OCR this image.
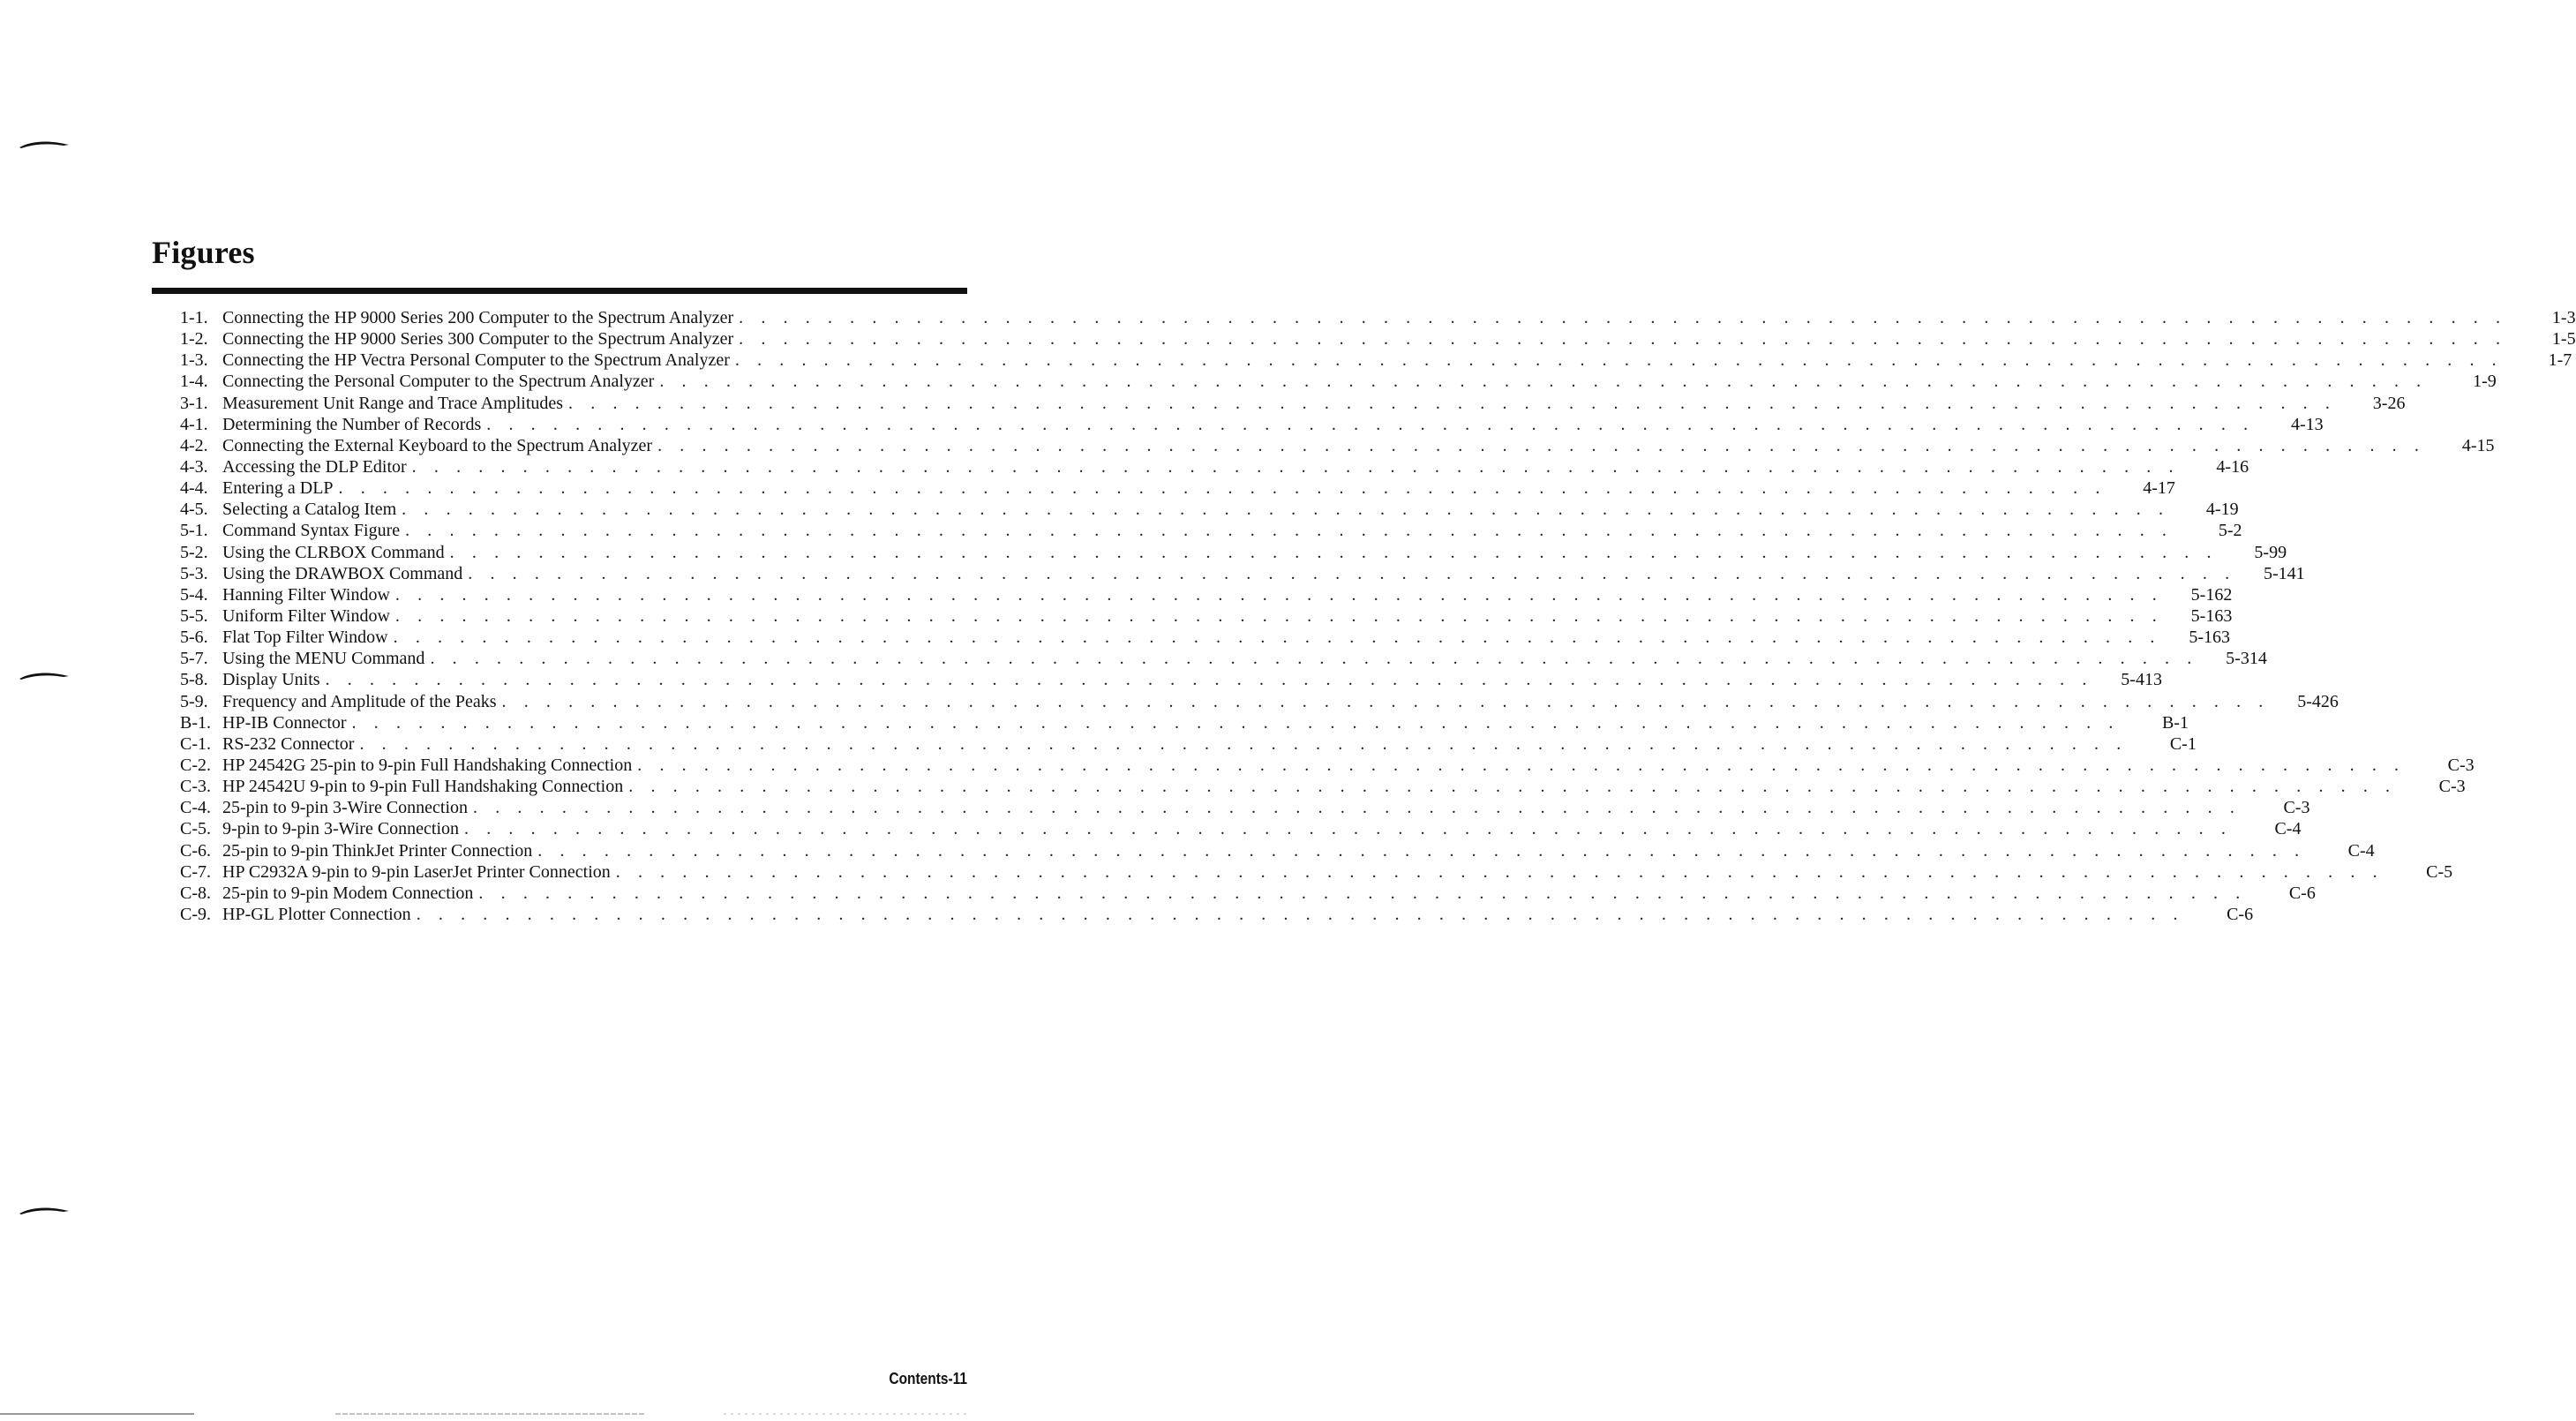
Figures
1-1. Connecting the HP 9000 Series 200 Computer to the Spectrum Analyzer . . . . . . . . . . . . . . . . . . . . . . . . . . . . . . . . . . . . . . . . . . . . . . . . . . . . . . . . . . . . . . . . . . . . . . . . . . . . . . . .	1-3
1-2. Connecting the HP 9000 Series 300 Computer to the Spectrum Analyzer . . . . . . . . . . . . . . . . . . . . . . . . . . . . . . . . . . . . . . . . . . . . . . . . . . . . . . . . . . . . . . . . . . . . . . . . . . . . . . . .	1-5
1-3. Connecting the HP Vectra Personal Computer to the Spectrum Analyzer . . . . . . . . . . . . . . . . . . . . . . . . . . . . . . . . . . . . . . . . . . . . . . . . . . . . . . . . . . . . . . . . . . . . . . . . . . . . . . . .	1-7
1-4. Connecting the Personal Computer to the Spectrum Analyzer . . . . . . . . . . . . . . . . . . . . . . . . . . . . . . . . . . . . . . . . . . . . . . . . . . . . . . . . . . . . . . . . . . . . . . . . . . . . . . . .	1-9
3-1. Measurement Unit Range and Trace Amplitudes . . . . . . . . . . . . . . . . . . . . . . . . . . . . . . . . . . . . . . . . . . . . . . . . . . . . . . . . . . . . . . . . . . . . . . . . . . . . . . . .	3-26
4-1. Determining the Number of Records . . . . . . . . . . . . . . . . . . . . . . . . . . . . . . . . . . . . . . . . . . . . . . . . . . . . . . . . . . . . . . . . . . . . . . . . . . . . . . . .	4-13
4-2. Connecting the External Keyboard to the Spectrum Analyzer . . . . . . . . . . . . . . . . . . . . . . . . . . . . . . . . . . . . . . . . . . . . . . . . . . . . . . . . . . . . . . . . . . . . . . . . . . . . . . . .	4-15
4-3. Accessing the DLP Editor . . . . . . . . . . . . . . . . . . . . . . . . . . . . . . . . . . . . . . . . . . . . . . . . . . . . . . . . . . . . . . . . . . . . . . . . . . . . . . . .	4-16
4-4. Entering a DLP . . . . . . . . . . . . . . . . . . . . . . . . . . . . . . . . . . . . . . . . . . . . . . . . . . . . . . . . . . . . . . . . . . . . . . . . . . . . . . . .	4-17
4-5. Selecting a Catalog Item . . . . . . . . . . . . . . . . . . . . . . . . . . . . . . . . . . . . . . . . . . . . . . . . . . . . . . . . . . . . . . . . . . . . . . . . . . . . . . . .	4-19
5-1. Command Syntax Figure . . . . . . . . . . . . . . . . . . . . . . . . . . . . . . . . . . . . . . . . . . . . . . . . . . . . . . . . . . . . . . . . . . . . . . . . . . . . . . . .	5-2
5-2. Using the CLRBOX Command . . . . . . . . . . . . . . . . . . . . . . . . . . . . . . . . . . . . . . . . . . . . . . . . . . . . . . . . . . . . . . . . . . . . . . . . . . . . . . . .	5-99
5-3. Using the DRAWBOX Command . . . . . . . . . . . . . . . . . . . . . . . . . . . . . . . . . . . . . . . . . . . . . . . . . . . . . . . . . . . . . . . . . . . . . . . . . . . . . . . .	5-141
5-4. Hanning Filter Window . . . . . . . . . . . . . . . . . . . . . . . . . . . . . . . . . . . . . . . . . . . . . . . . . . . . . . . . . . . . . . . . . . . . . . . . . . . . . . . .	5-162
5-5. Uniform Filter Window . . . . . . . . . . . . . . . . . . . . . . . . . . . . . . . . . . . . . . . . . . . . . . . . . . . . . . . . . . . . . . . . . . . . . . . . . . . . . . . .	5-163
5-6. Flat Top Filter Window . . . . . . . . . . . . . . . . . . . . . . . . . . . . . . . . . . . . . . . . . . . . . . . . . . . . . . . . . . . . . . . . . . . . . . . . . . . . . . . .	5-163
5-7. Using the MENU Command . . . . . . . . . . . . . . . . . . . . . . . . . . . . . . . . . . . . . . . . . . . . . . . . . . . . . . . . . . . . . . . . . . . . . . . . . . . . . . . .	5-314
5-8. Display Units . . . . . . . . . . . . . . . . . . . . . . . . . . . . . . . . . . . . . . . . . . . . . . . . . . . . . . . . . . . . . . . . . . . . . . . . . . . . . . . .	5-413
5-9. Frequency and Amplitude of the Peaks . . . . . . . . . . . . . . . . . . . . . . . . . . . . . . . . . . . . . . . . . . . . . . . . . . . . . . . . . . . . . . . . . . . . . . . . . . . . . . . .	5-426
B-1. HP-IB Connector . . . . . . . . . . . . . . . . . . . . . . . . . . . . . . . . . . . . . . . . . . . . . . . . . . . . . . . . . . . . . . . . . . . . . . . . . . . . . . . .	B-1
C-1. RS-232 Connector . . . . . . . . . . . . . . . . . . . . . . . . . . . . . . . . . . . . . . . . . . . . . . . . . . . . . . . . . . . . . . . . . . . . . . . . . . . . . . . .	C-1
C-2. HP 24542G 25-pin to 9-pin Full Handshaking Connection . . . . . . . . . . . . . . . . . . . . . . . . . . . . . . . . . . . . . . . . . . . . . . . . . . . . . . . . . . . . . . . . . . . . . . . . . . . . . . . .	C-3
C-3. HP 24542U 9-pin to 9-pin Full Handshaking Connection . . . . . . . . . . . . . . . . . . . . . . . . . . . . . . . . . . . . . . . . . . . . . . . . . . . . . . . . . . . . . . . . . . . . . . . . . . . . . . . .	C-3
C-4. 25-pin to 9-pin 3-Wire Connection . . . . . . . . . . . . . . . . . . . . . . . . . . . . . . . . . . . . . . . . . . . . . . . . . . . . . . . . . . . . . . . . . . . . . . . . . . . . . . . .	C-3
C-5. 9-pin to 9-pin 3-Wire Connection . . . . . . . . . . . . . . . . . . . . . . . . . . . . . . . . . . . . . . . . . . . . . . . . . . . . . . . . . . . . . . . . . . . . . . . . . . . . . . . .	C-4
C-6. 25-pin to 9-pin ThinkJet Printer Connection . . . . . . . . . . . . . . . . . . . . . . . . . . . . . . . . . . . . . . . . . . . . . . . . . . . . . . . . . . . . . . . . . . . . . . . . . . . . . . . .	C-4
C-7. HP C2932A 9-pin to 9-pin LaserJet Printer Connection . . . . . . . . . . . . . . . . . . . . . . . . . . . . . . . . . . . . . . . . . . . . . . . . . . . . . . . . . . . . . . . . . . . . . . . . . . . . . . . .	C-5
C-8. 25-pin to 9-pin Modem Connection . . . . . . . . . . . . . . . . . . . . . . . . . . . . . . . . . . . . . . . . . . . . . . . . . . . . . . . . . . . . . . . . . . . . . . . . . . . . . . . .	C-6
C-9. HP-GL Plotter Connection . . . . . . . . . . . . . . . . . . . . . . . . . . . . . . . . . . . . . . . . . . . . . . . . . . . . . . . . . . . . . . . . . . . . . . . . . . . . . . . .	C-6
Contents-11
